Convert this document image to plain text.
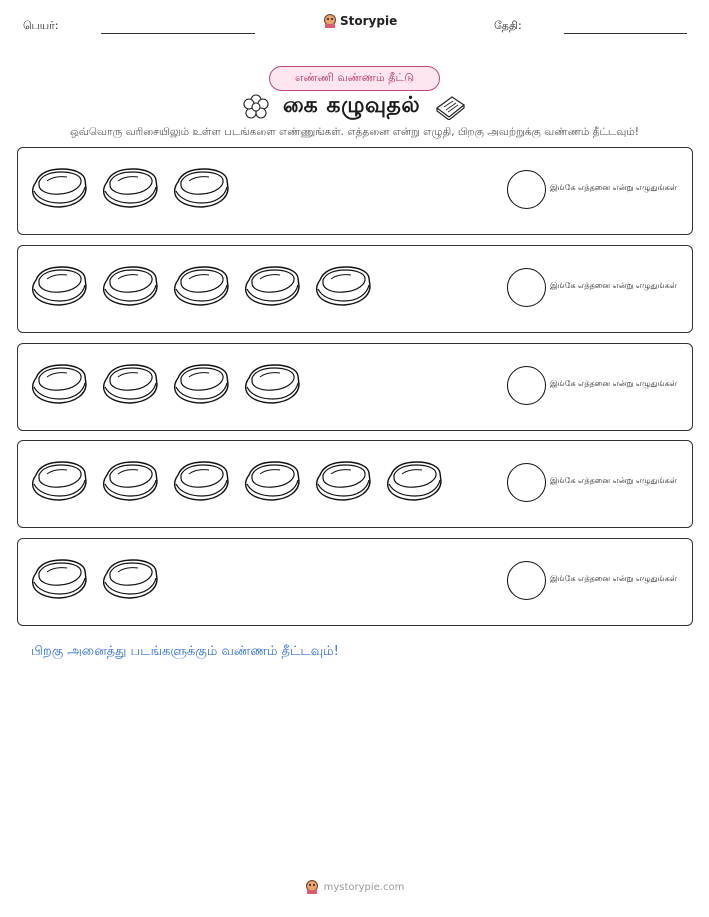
பெயர்:	Storypie	தேதி:
எண்ணி வண்ணம் தீட்டு
கை கழுவுதல்
ஒவ்வொரு வரிசையிலும் உள்ள படங்களை எண்ணுங்கள். எத்தனை என்று எழுதி, பிறகு அவற்றுக்கு வண்ணம் தீட்டவும்!
இங்கே எத்தனை என்று எழுதுங்கள்
இங்கே எத்தனை என்று எழுதுங்கள்
இங்கே எத்தனை என்று எழுதுங்கள்
இங்கே எத்தனை என்று எழுதுங்கள்
இங்கே எத்தனை என்று எழுதுங்கள்
பிறகு அனைத்து படங்களுக்கும் வண்ணம் தீட்டவும்!
mystorypie.com
